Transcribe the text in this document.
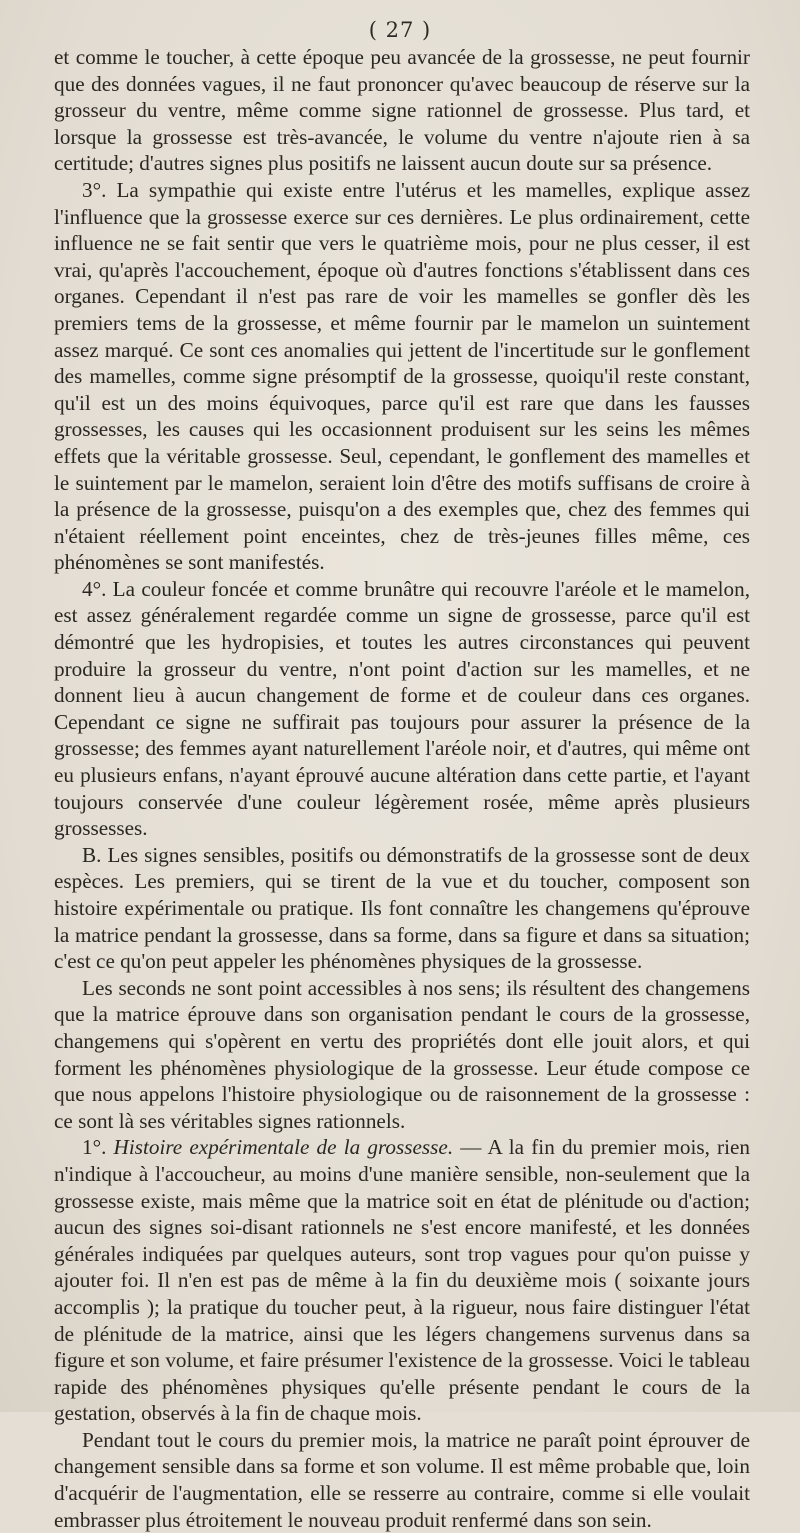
( 27 )

et comme le toucher, à cette époque peu avancée de la grossesse, ne peut fournir que des données vagues, il ne faut prononcer qu'avec beaucoup de réserve sur la grosseur du ventre, même comme signe rationnel de grossesse. Plus tard, et lorsque la grossesse est très-avancée, le volume du ventre n'ajoute rien à sa certitude; d'autres signes plus positifs ne laissent aucun doute sur sa présence.

3°. La sympathie qui existe entre l'utérus et les mamelles, explique assez l'influence que la grossesse exerce sur ces dernières. Le plus ordinairement, cette influence ne se fait sentir que vers le quatrième mois, pour ne plus cesser, il est vrai, qu'après l'accouchement, époque où d'autres fonctions s'établissent dans ces organes. Cependant il n'est pas rare de voir les mamelles se gonfler dès les premiers tems de la grossesse, et même fournir par le mamelon un suintement assez marqué. Ce sont ces anomalies qui jettent de l'incertitude sur le gonflement des mamelles, comme signe présomptif de la grossesse, quoiqu'il reste constant, qu'il est un des moins équivoques, parce qu'il est rare que dans les fausses grossesses, les causes qui les occasionnent produisent sur les seins les mêmes effets que la véritable grossesse. Seul, cependant, le gonflement des mamelles et le suintement par le mamelon, seraient loin d'être des motifs suffisans de croire à la présence de la grossesse, puisqu'on a des exemples que, chez des femmes qui n'étaient réellement point enceintes, chez de très-jeunes filles même, ces phénomènes se sont manifestés.

4°. La couleur foncée et comme brunâtre qui recouvre l'aréole et le mamelon, est assez généralement regardée comme un signe de grossesse, parce qu'il est démontré que les hydropisies, et toutes les autres circonstances qui peuvent produire la grosseur du ventre, n'ont point d'action sur les mamelles, et ne donnent lieu à aucun changement de forme et de couleur dans ces organes. Cependant ce signe ne suffirait pas toujours pour assurer la présence de la grossesse; des femmes ayant naturellement l'aréole noir, et d'autres, qui même ont eu plusieurs enfans, n'ayant éprouvé aucune altération dans cette partie, et l'ayant toujours conservée d'une couleur légèrement rosée, même après plusieurs grossesses.

B. Les signes sensibles, positifs ou démonstratifs de la grossesse sont de deux espèces. Les premiers, qui se tirent de la vue et du toucher, composent son histoire expérimentale ou pratique. Ils font connaître les changemens qu'éprouve la matrice pendant la grossesse, dans sa forme, dans sa figure et dans sa situation; c'est ce qu'on peut appeler les phénomènes physiques de la grossesse.

Les seconds ne sont point accessibles à nos sens; ils résultent des changemens que la matrice éprouve dans son organisation pendant le cours de la grossesse, changemens qui s'opèrent en vertu des propriétés dont elle jouit alors, et qui forment les phénomènes physiologique de la grossesse. Leur étude compose ce que nous appelons l'histoire physiologique ou de raisonnement de la grossesse : ce sont là ses véritables signes rationnels.

1°. Histoire expérimentale de la grossesse. — A la fin du premier mois, rien n'indique à l'accoucheur, au moins d'une manière sensible, non-seulement que la grossesse existe, mais même que la matrice soit en état de plénitude ou d'action; aucun des signes soi-disant rationnels ne s'est encore manifesté, et les données générales indiquées par quelques auteurs, sont trop vagues pour qu'on puisse y ajouter foi. Il n'en est pas de même à la fin du deuxième mois ( soixante jours accomplis ); la pratique du toucher peut, à la rigueur, nous faire distinguer l'état de plénitude de la matrice, ainsi que les légers changemens survenus dans sa figure et son volume, et faire présumer l'existence de la grossesse. Voici le tableau rapide des phénomènes physiques qu'elle présente pendant le cours de la gestation, observés à la fin de chaque mois.

Pendant tout le cours du premier mois, la matrice ne paraît point éprouver de changement sensible dans sa forme et son volume. Il est même probable que, loin d'acquérir de l'augmentation, elle se resserre au contraire, comme si elle voulait embrasser plus étroitement le nouveau produit renfermé dans son sein.
